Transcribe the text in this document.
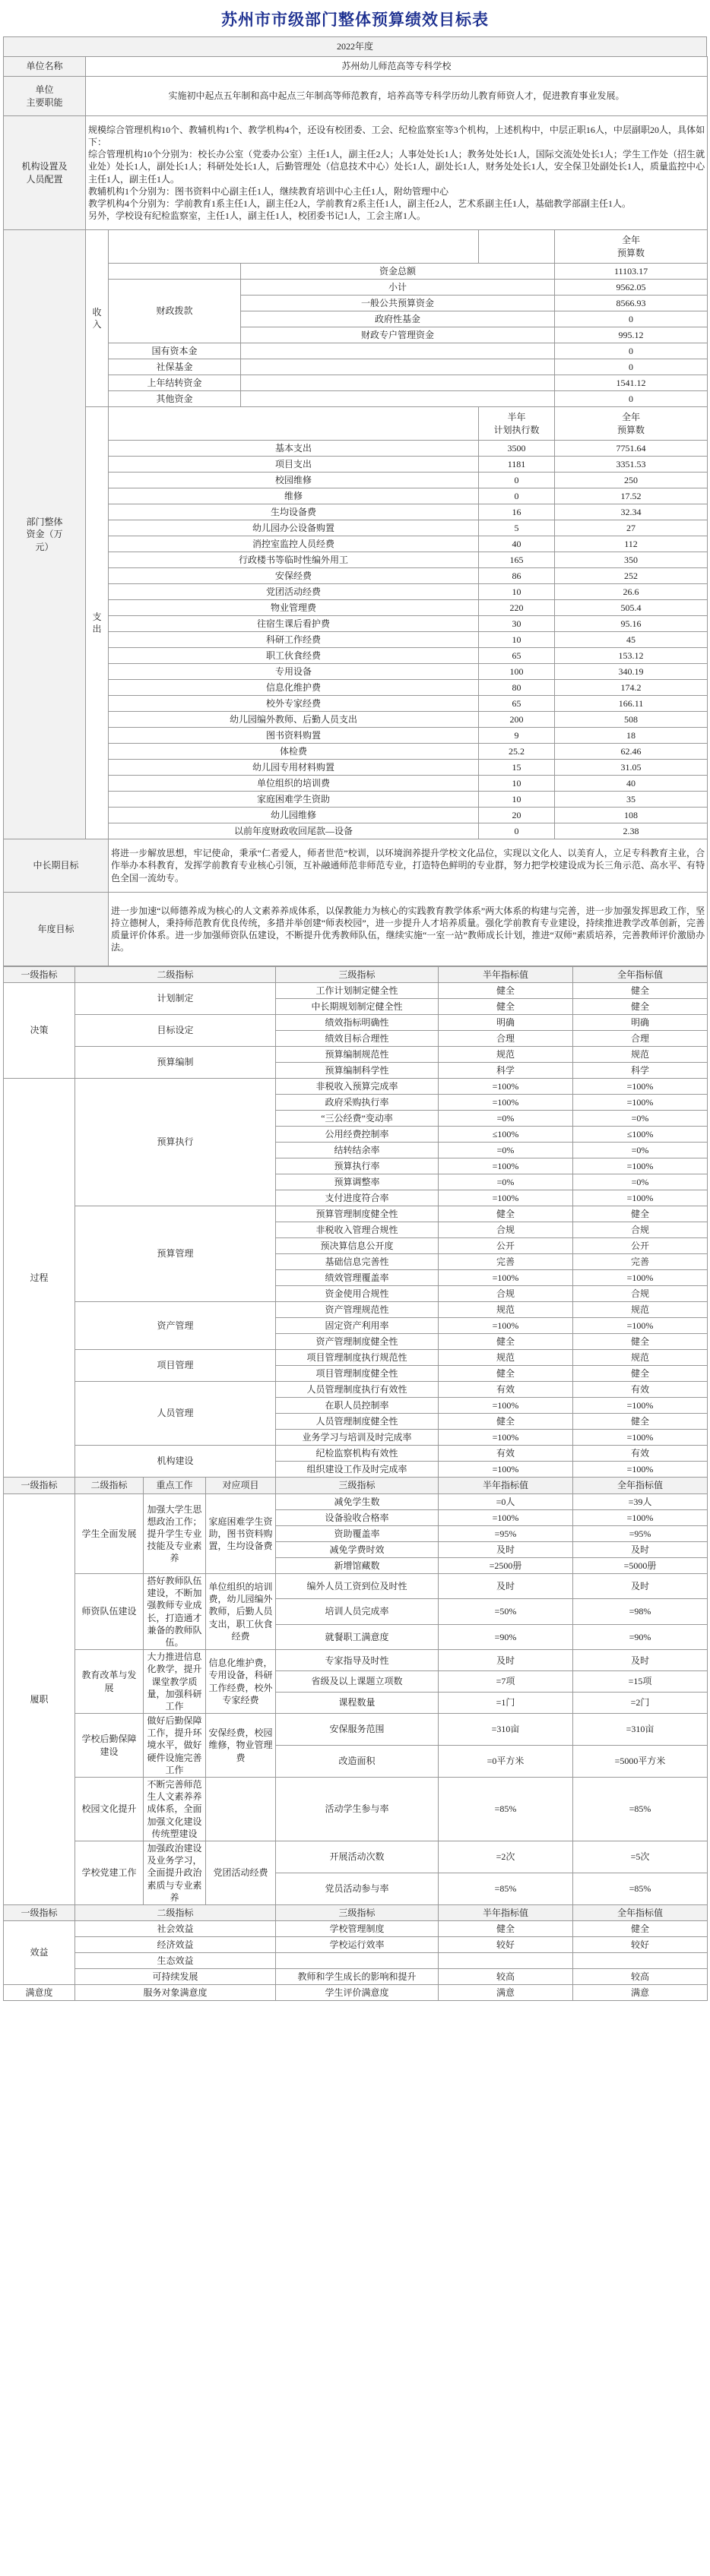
苏州市市级部门整体预算绩效目标表
2022年度
单位名称	苏州幼儿师范高等专科学校				
单位
主要职能	实施初中起点五年制和高中起点三年制高等师范教育，培养高等专科学历幼儿教育师资人才，促进教育事业发展。				
机构设置及
人员配置	规模综合管理机构10个、教辅机构1个、教学机构4个，还设有校团委、工会、纪检监察室等3个机构，上述机构中，中层正职16人，中层副职20人，具体如下：
综合管理机构10个分别为：校长办公室（党委办公室）主任1人，副主任2人；人事处处长1人；教务处处长1人，国际交流处处长1人；学生工作处（招生就业处）处长1人，副处长1人；科研处处长1人，后勤管理处（信息技术中心）处长1人，副处长1人，财务处处长1人，安全保卫处副处长1人，质量监控中心主任1人，副主任1人。
教辅机构1个分别为：图书资料中心副主任1人，继续教育培训中心主任1人，附幼管理中心
教学机构4个分别为：学前教育1系主任1人，副主任2人，学前教育2系主任1人，副主任2人，艺术系副主任1人，基础教学部副主任1人。
另外，学校设有纪检监察室，主任1人，副主任1人，校团委书记1人，工会主席1人。				
部门整体
资金（万
元）	收入				全年
预算数
			资金总额		11103.17
		财政拨款	小计		9562.05
			一般公共预算资金		8566.93
			政府性基金		0
			财政专户管理资金		995.12
		国有资本金			0
		社保基金			0
		上年结转资金			1541.12
		其他资金			0
	支出			半年
计划执行数	全年
预算数
		基本支出		3500	7751.64
		项目支出		1181	3351.53
		校园维修		0	250
		维修		0	17.52
		生均设备费		16	32.34
		幼儿园办公设备购置		5	27
		消控室监控人员经费		40	112
		行政楼书等临时性编外用工		165	350
		安保经费		86	252
		党团活动经费		10	26.6
		物业管理费		220	505.4
		往宿生课后看护费		30	95.16
		科研工作经费		10	45
		职工伙食经费		65	153.12
		专用设备		100	340.19
		信息化维护费		80	174.2
		校外专家经费		65	166.11
		幼儿园编外教师、后勤人员支出		200	508
		图书资料购置		9	18
		体检费		25.2	62.46
		幼儿园专用材料购置		15	31.05
		单位组织的培训费		10	40
		家庭困难学生资助		10	35
		幼儿园维修		20	108
		以前年度财政收回尾款—设备		0	2.38
中长期目标		将进一步解放思想，牢记使命，秉承“仁者爱人，师者世范”校训，以环境润养提升学校文化品位，实现以文化人、以美育人，立足专科教育主业，合作举办本科教育，发挥学前教育专业核心引领，互补融通师范非师范专业，打造特色鲜明的专业群，努力把学校建设成为长三角示范、高水平、有特色全国一流幼专。			
年度目标		进一步加速“以师德养成为核心的人文素养养成体系，以保教能力为核心的实践教育教学体系”两大体系的构建与完善，进一步加强发挥思政工作，坚持立德树人，秉持师范教育优良传统，多措并举创建“师表校园”，进一步提升人才培养质量。强化学前教育专业建设，持续推进教学改革创新，完善质量评价体系。进一步加强师资队伍建设，不断提升优秀教师队伍，继续实施“一室一站”教师成长计划，推进“双师”素质培养，完善教师评价激励办法。			
一级指标	二级指标			三级指标	半年指标值	全年指标值
决策	计划制定			工作计划制定健全性	健全	健全
				中长期规划制定健全性	健全	健全
	目标设定			绩效指标明确性	明确	明确
				绩效目标合理性	合理	合理
	预算编制			预算编制规范性	规范	规范
				预算编制科学性	科学	科学
过程	预算执行			非税收入预算完成率	=100%	=100%
				政府采购执行率	=100%	=100%
				“三公经费”变动率	=0%	=0%
				公用经费控制率	≤100%	≤100%
				结转结余率	=0%	=0%
				预算执行率	=100%	=100%
				预算调整率	=0%	=0%
				支付进度符合率	=100%	=100%
	预算管理			预算管理制度健全性	健全	健全
				非税收入管理合规性	合规	合规
				预决算信息公开度	公开	公开
				基础信息完善性	完善	完善
				绩效管理覆盖率	=100%	=100%
				资金使用合规性	合规	合规
	资产管理			资产管理规范性	规范	规范
				固定资产利用率	=100%	=100%
				资产管理制度健全性	健全	健全
	项目管理			项目管理制度执行规范性	规范	规范
				项目管理制度健全性	健全	健全
	人员管理			人员管理制度执行有效性	有效	有效
				在职人员控制率	=100%	=100%
				人员管理制度健全性	健全	健全
				业务学习与培训及时完成率	=100%	=100%
	机构建设			纪检监察机构有效性	有效	有效
				组织建设工作及时完成率	=100%	=100%
一级指标	二级指标	重点工作	对应项目	三级指标	半年指标值	全年指标值
履职	学生全面发展	加强大学生思想政治工作；提升学生专业技能及专业素养	家庭困难学生资助，图书资料购置，生均设备费	减免学生数	=0人	=39人
				设备验收合格率	=100%	=100%
				资助覆盖率	=95%	=95%
				减免学费时效	及时	及时
				新增馆藏数	=2500册	=5000册
	师资队伍建设	搭好教师队伍建设，不断加强教师专业成长，打造通才兼备的教师队伍。	单位组织的培训费，幼儿园编外教师，后勤人员支出，职工伙食经费	编外人员工资到位及时性	及时	及时
				培训人员完成率	=50%	=98%
				就餐职工满意度	=90%	=90%
	教育改革与发展	大力推进信息化教学，提升课堂教学质量，加强科研工作	信息化维护费，专用设备，科研工作经费，校外专家经费	专家指导及时性	及时	及时
				省级及以上课题立项数	=7项	=15项
				课程数量	=1门	=2门
	学校后勤保障建设	做好后勤保障工作，提升环境水平，做好硬件设施完善工作	安保经费，校园维修，物业管理费	安保服务范围	=310亩	=310亩
				改造面积	=0平方米	=5000平方米
	校园文化提升	不断完善师范生人文素养养成体系，全面加强文化建设传统塑建设		活动学生参与率	=85%	=85%
	学校党建工作	加强政治建设及业务学习，全面提升政治素质与专业素养	党团活动经费	开展活动次数	=2次	=5次
				党员活动参与率	=85%	=85%
一级指标	二级指标			三级指标	半年指标值	全年指标值
效益	社会效益			学校管理制度	健全	健全
	经济效益			学校运行效率	较好	较好
	生态效益					
	可持续发展			教师和学生成长的影响和提升	较高	较高
满意度	服务对象满意度			学生评价满意度	满意	满意
